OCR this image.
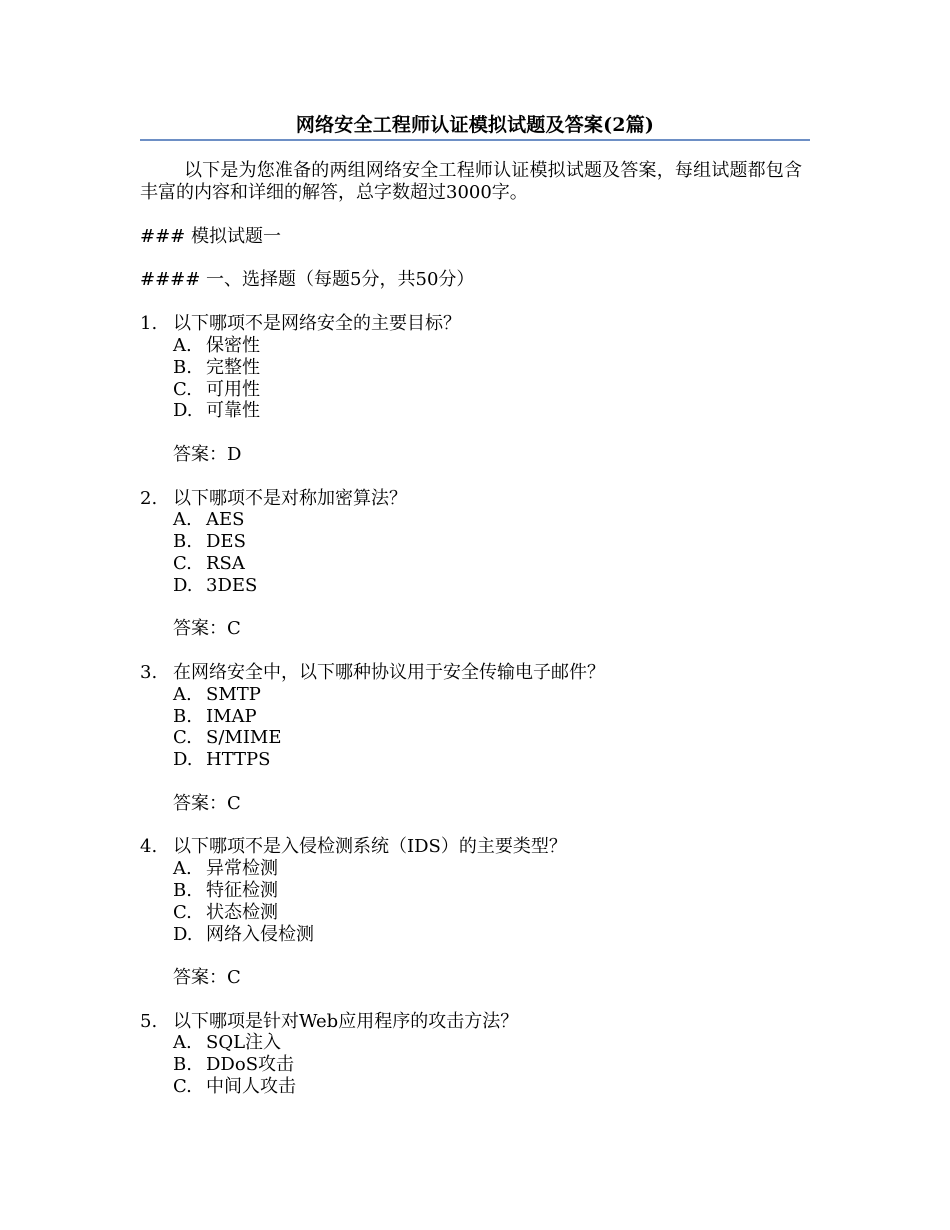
网络安全工程师认证模拟试题及答案(2篇)

以下是为您准备的两组网络安全工程师认证模拟试题及答案，每组试题都包含丰富的内容和详细的解答，总字数超过3000字。

### 模拟试题一

#### 一、选择题（每题5分，共50分）

1. 以下哪项不是网络安全的主要目标？
A. 保密性
B. 完整性
C. 可用性
D. 可靠性

答案：D

2. 以下哪项不是对称加密算法？
A. AES
B. DES
C. RSA
D. 3DES

答案：C

3. 在网络安全中，以下哪种协议用于安全传输电子邮件？
A. SMTP
B. IMAP
C. S/MIME
D. HTTPS

答案：C

4. 以下哪项不是入侵检测系统（IDS）的主要类型？
A. 异常检测
B. 特征检测
C. 状态检测
D. 网络入侵检测

答案：C

5. 以下哪项是针对Web应用程序的攻击方法？
A. SQL注入
B. DDoS攻击
C. 中间人攻击
